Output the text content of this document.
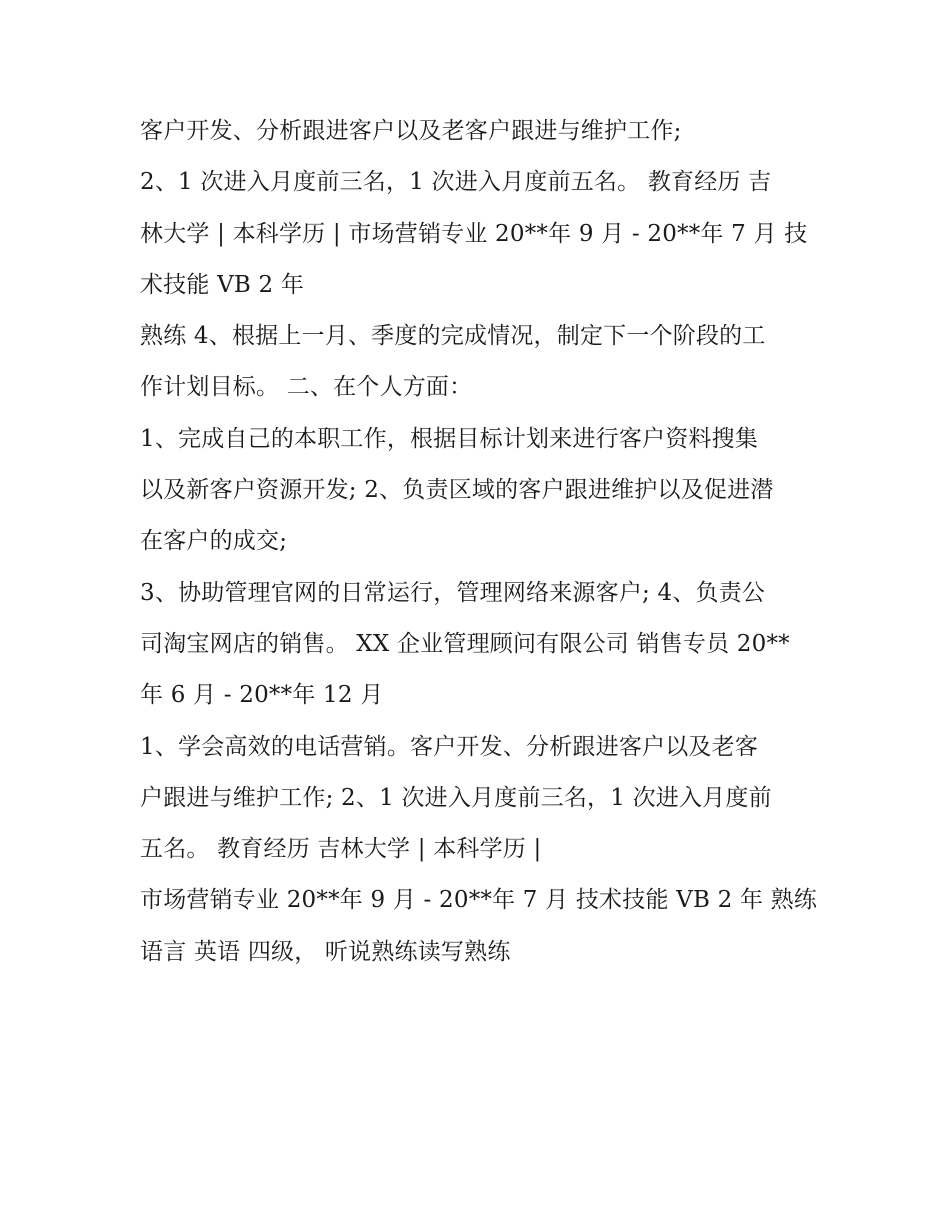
客户开发、分析跟进客户以及老客户跟进与维护工作;
2、1 次进入月度前三名，1 次进入月度前五名。 教育经历 吉
林大学 | 本科学历 | 市场营销专业 20**年 9 月 - 20**年 7 月 技
术技能 VB 2 年
熟练 4、根据上一月、季度的完成情况，制定下一个阶段的工
作计划目标。 二、在个人方面：
1、完成自己的本职工作，根据目标计划来进行客户资料搜集
以及新客户资源开发; 2、负责区域的客户跟进维护以及促进潜
在客户的成交;
3、协助管理官网的日常运行，管理网络来源客户; 4、负责公
司淘宝网店的销售。 XX 企业管理顾问有限公司 销售专员 20**
年 6 月 - 20**年 12 月
1、学会高效的电话营销。客户开发、分析跟进客户以及老客
户跟进与维护工作; 2、1 次进入月度前三名，1 次进入月度前
五名。 教育经历 吉林大学 | 本科学历 |
市场营销专业 20**年 9 月 - 20**年 7 月 技术技能 VB 2 年 熟练
语言 英语 四级， 听说熟练读写熟练
